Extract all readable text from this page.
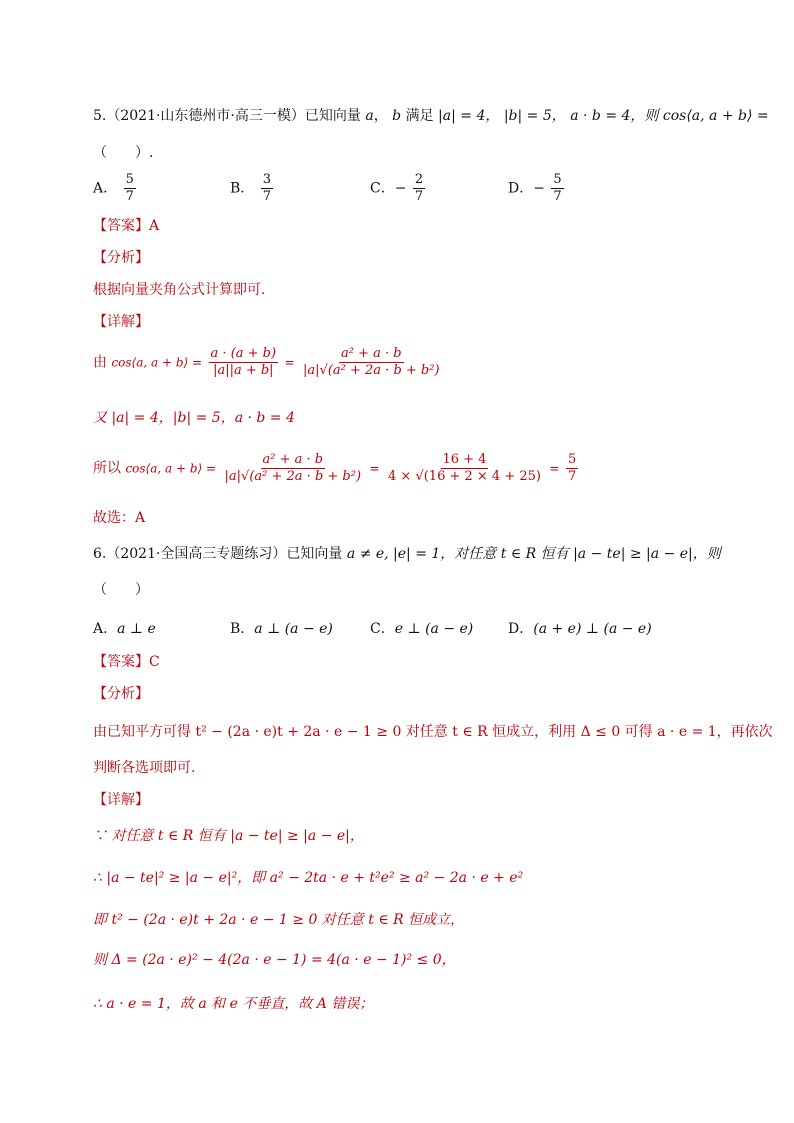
5.（2021·山东德州市·高三一模）已知向量 a， b 满足 |a| = 4， |b| = 5， a · b = 4，则 cos⟨a, a + b⟩ =
（　　）.
A． $\frac{5}{7}$	B． $\frac{3}{7}$	C．− $\frac{2}{7}$	D．− $\frac{5}{7}$
【答案】A
【分析】
根据向量夹角公式计算即可.
【详解】
由 cos⟨a, a + b⟩ = $\frac{a \cdot (a + b)}{|a||a + b|} = \frac{\text{a² + a · b}}{\text{|a|√(a² + 2a · b + b²)}}$
又 |a| = 4，|b| = 5，a · b = 4
所以 cos⟨a, a + b⟩ = $\frac{\text{a² + a · b}}{\text{|a|√(a² + 2a · b + b²)}} = \frac{16 + 4}{4 \times √(16 + 2 \times 4 + 25)} = \frac{5}{7}$
故选：A
6.（2021·全国高三专题练习）已知向量 a ≠ e, |e| = 1，对任意 t ∈ R 恒有 |a − te| ≥ |a − e|，则
（　　）
A．a ⊥ e	B．a ⊥ (a − e)	C．e ⊥ (a − e) D．(a + e) ⊥ (a − e)
【答案】C
【分析】
由已知平方可得 t² − (2a · e)t + 2a · e − 1 ≥ 0 对任意 t ∈ R 恒成立，利用 Δ ≤ 0 可得 a · e = 1，再依次
判断各选项即可.
【详解】
∵ 对任意 t ∈ R 恒有 |a − te| ≥ |a − e|，
∴ |a − te|² ≥ |a − e|²，即 a² − 2ta · e + t²e² ≥ a² − 2a · e + e²
即 t² − (2a · e)t + 2a · e − 1 ≥ 0 对任意 t ∈ R 恒成立，
则 Δ = (2a · e)² − 4(2a · e − 1) = 4(a · e − 1)² ≤ 0，
∴ a · e = 1，故 a 和 e 不垂直，故 A 错误；
